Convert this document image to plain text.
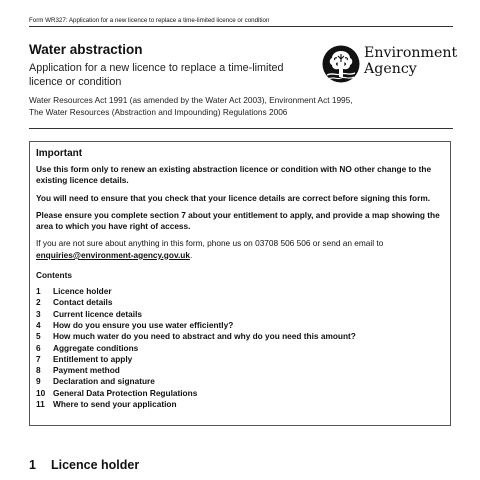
Form WR327: Application for a new licence to replace a time-limited licence or condition
Water abstraction
Application for a new licence to replace a time-limited licence or condition
Water Resources Act 1991 (as amended by the Water Act 2003), Environment Act 1995, The Water Resources (Abstraction and Impounding) Regulations 2006
Environment
Agency
Important
Use this form only to renew an existing abstraction licence or condition with NO other change to the existing licence details.
You will need to ensure that you check that your licence details are correct before signing this form.
Please ensure you complete section 7 about your entitlement to apply, and provide a map showing the area to which you have right of access.
If you are not sure about anything in this form, phone us on 03708 506 506 or send an email to enquiries@environment-agency.gov.uk.
Contents
1	Licence holder
2	Contact details
3	Current licence details
4	How do you ensure you use water efficiently?
5	How much water do you need to abstract and why do you need this amount?
6	Aggregate conditions
7	Entitlement to apply
8	Payment method
9	Declaration and signature
10 General Data Protection Regulations
11 Where to send your application
1 Licence holder
